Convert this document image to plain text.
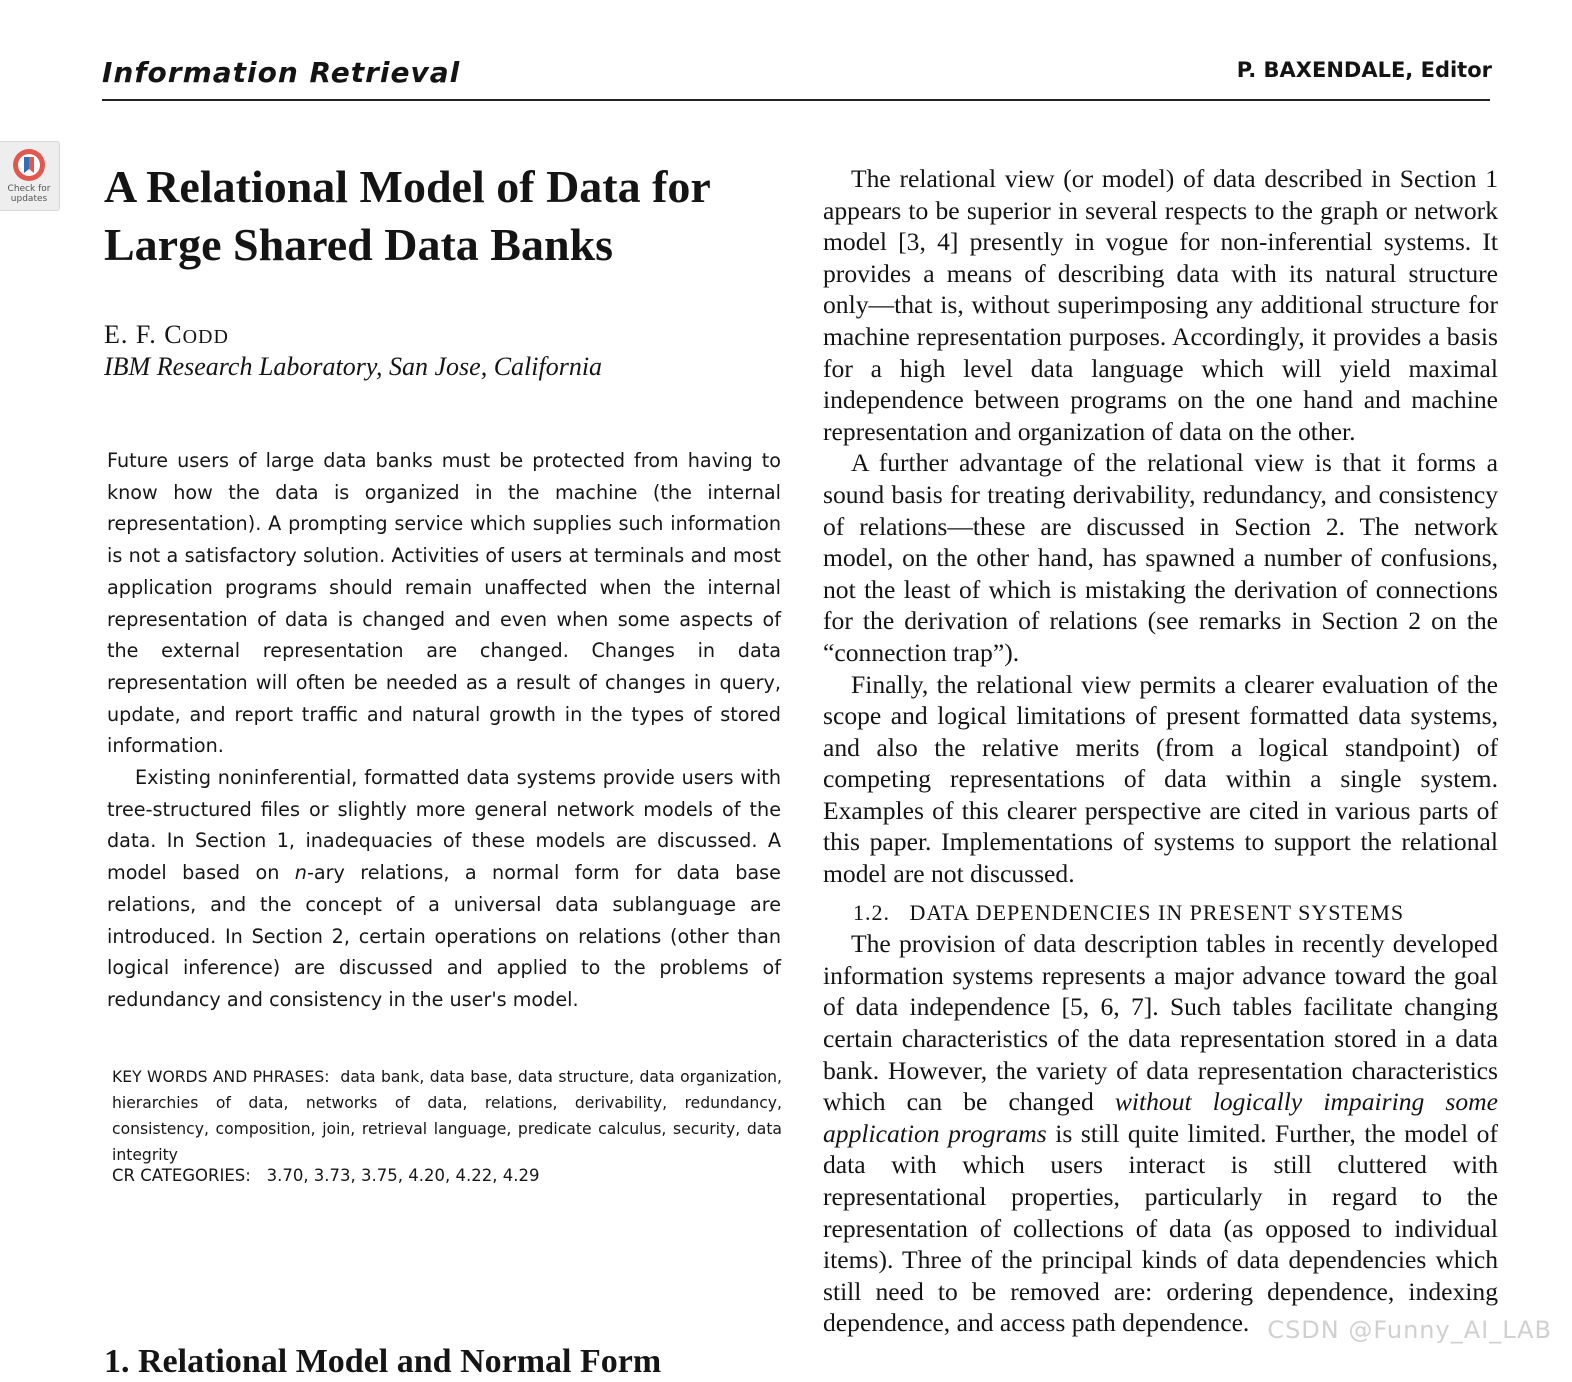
Information Retrieval	P. BAXENDALE, Editor
Check for
updates A Relational Model of Data for Large Shared Data Banks
E. F. CODD
IBM Research Laboratory, San Jose, California

Future users of large data banks must be protected from having to know how the data is organized in the machine (the internal representation). A prompting service which supplies such information is not a satisfactory solution. Activities of users at terminals and most application programs should remain unaffected when the internal representation of data is changed and even when some aspects of the external representation are changed. Changes in data representation will often be needed as a result of changes in query, update, and report traffic and natural growth in the types of stored information.

Existing noninferential, formatted data systems provide users with tree-structured files or slightly more general network models of the data. In Section 1, inadequacies of these models are discussed. A model based on n-ary relations, a normal form for data base relations, and the concept of a universal data sublanguage are introduced. In Section 2, certain operations on relations (other than logical inference) are discussed and applied to the problems of redundancy and consistency in the user's model.

KEY WORDS AND PHRASES: data bank, data base, data structure, data organization, hierarchies of data, networks of data, relations, derivability, redundancy, consistency, composition, join, retrieval language, predicate calculus, security, data integrity
CR CATEGORIES: 3.70, 3.73, 3.75, 4.20, 4.22, 4.29
1. Relational Model and Normal Form

The relational view (or model) of data described in Section 1 appears to be superior in several respects to the graph or network model [3, 4] presently in vogue for non-inferential systems. It provides a means of describing data with its natural structure only—that is, without superimposing any additional structure for machine representation purposes. Accordingly, it provides a basis for a high level data language which will yield maximal independence between programs on the one hand and machine representation and organization of data on the other.

A further advantage of the relational view is that it forms a sound basis for treating derivability, redundancy, and consistency of relations—these are discussed in Section 2. The network model, on the other hand, has spawned a number of confusions, not the least of which is mistaking the derivation of connections for the derivation of relations (see remarks in Section 2 on the “connection trap”).

Finally, the relational view permits a clearer evaluation of the scope and logical limitations of present formatted data systems, and also the relative merits (from a logical standpoint) of competing representations of data within a single system. Examples of this clearer perspective are cited in various parts of this paper. Implementations of systems to support the relational model are not discussed.

1.2. DATA DEPENDENCIES IN PRESENT SYSTEMS

The provision of data description tables in recently developed information systems represents a major advance toward the goal of data independence [5, 6, 7]. Such tables facilitate changing certain characteristics of the data representation stored in a data bank. However, the variety of data representation characteristics which can be changed without logically impairing some application programs is still quite limited. Further, the model of data with which users interact is still cluttered with representational properties, particularly in regard to the representation of collections of data (as opposed to individual items). Three of the principal kinds of data dependencies which still need to be removed are: ordering dependence, indexing dependence, and access path dependence. CSDN @Funny_AI_LAB
